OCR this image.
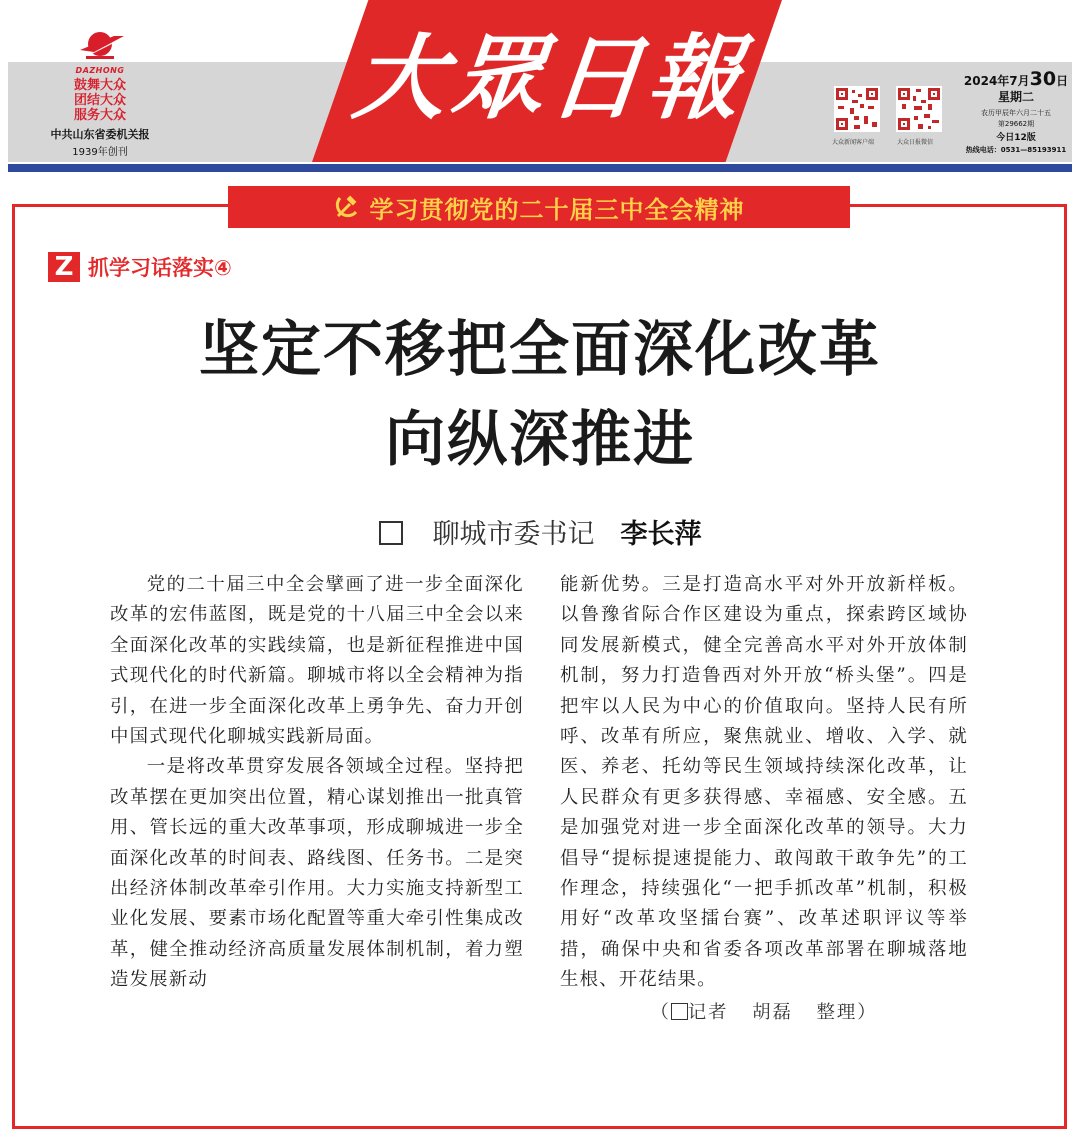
DAZHONG
鼓舞大众
团结大众
服务大众
中共山东省委机关报
1939年创刊
大眾日報
大众新闻客户端	大众日报微信
2024年7月30日
星期二
农历甲辰年六月二十五
第29662期
今日12版
热线电话：0531—85193911
学习贯彻党的二十届三中全会精神
Z 抓学习话落实④
坚定不移把全面深化改革
向纵深推进
聊城市委书记 李长萍

党的二十届三中全会擘画了进一步全面深化改革的宏伟蓝图，既是党的十八届三中全会以来全面深化改革的实践续篇，也是新征程推进中国式现代化的时代新篇。聊城市将以全会精神为指引，在进一步全面深化改革上勇争先、奋力开创中国式现代化聊城实践新局面。

一是将改革贯穿发展各领域全过程。坚持把改革摆在更加突出位置，精心谋划推出一批真管用、管长远的重大改革事项，形成聊城进一步全面深化改革的时间表、路线图、任务书。二是突出经济体制改革牵引作用。大力实施支持新型工业化发展、要素市场化配置等重大牵引性集成改革，健全推动经济高质量发展体制机制，着力塑造发展新动

能新优势。三是打造高水平对外开放新样板。以鲁豫省际合作区建设为重点，探索跨区域协同发展新模式，健全完善高水平对外开放体制机制，努力打造鲁西对外开放“桥头堡”。四是把牢以人民为中心的价值取向。坚持人民有所呼、改革有所应，聚焦就业、增收、入学、就医、养老、托幼等民生领域持续深化改革，让人民群众有更多获得感、幸福感、安全感。五是加强党对进一步全面深化改革的领导。大力倡导“提标提速提能力、敢闯敢干敢争先”的工作理念，持续强化“一把手抓改革”机制，积极用好“改革攻坚擂台赛”、改革述职评议等举措，确保中央和省委各项改革部署在聊城落地生根、开花结果。

（ 记者 胡磊 整理）
